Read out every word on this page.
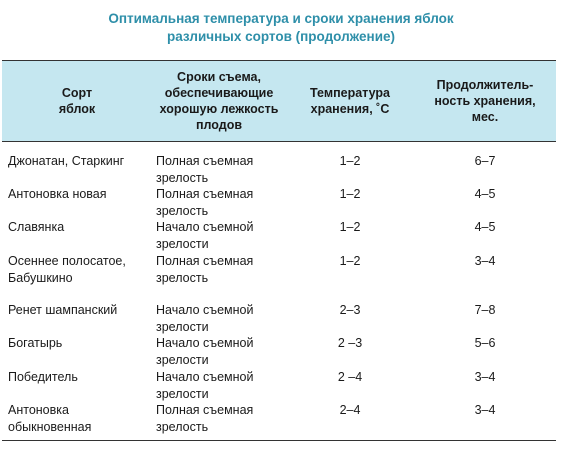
Оптимальная температура и сроки хранения яблок
различных сортов (продолжение)
Сорт
яблок	Сроки съема,
обеспечивающие
хорошую лежкость
плодов	Температура
хранения, ˚С	Продолжитель-
ность хранения,
мес.
Джонатан, Старкинг	Полная съемная
зрелость	1–2	6–7
Антоновка новая	Полная съемная
зрелость	1–2	4–5
Славянка	Начало съемной
зрелости	1–2	4–5
Осеннее полосатое,
Бабушкино	Полная съемная
зрелость	1–2	3–4
Ренет шампанский	Начало съемной
зрелости	2–3	7–8
Богатырь	Начало съемной
зрелости	2 –3	5–6
Победитель	Начало съемной
зрелости	2 –4	3–4
Антоновка
обыкновенная	Полная съемная
зрелость	2–4	3–4
